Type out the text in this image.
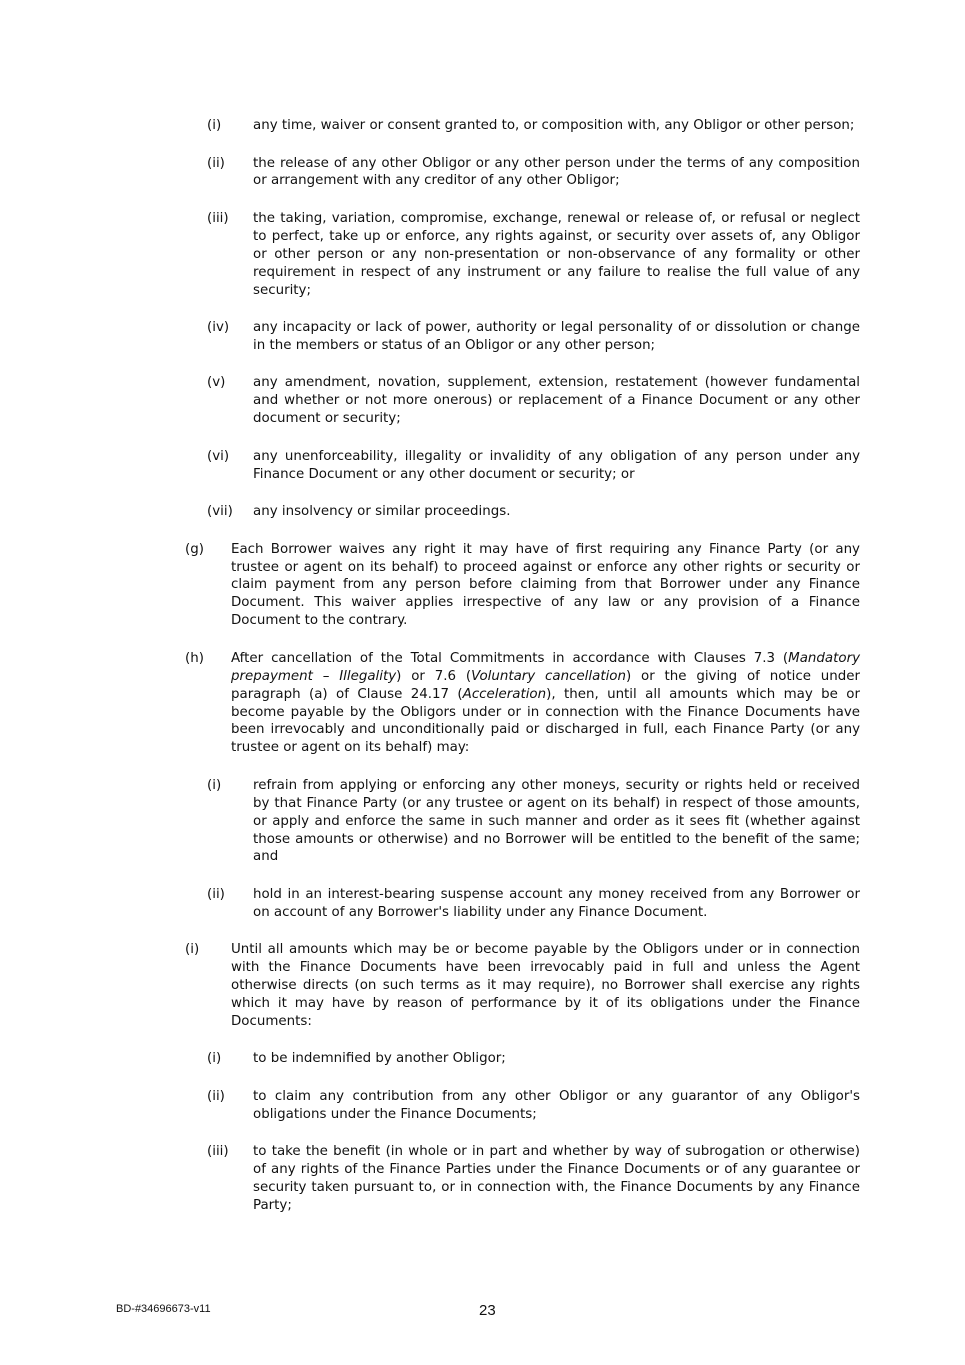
(i) any time, waiver or consent granted to, or composition with, any Obligor or other person;
(ii) the release of any other Obligor or any other person under the terms of any composition or arrangement with any creditor of any other Obligor;
(iii) the taking, variation, compromise, exchange, renewal or release of, or refusal or neglect to perfect, take up or enforce, any rights against, or security over assets of, any Obligor or other person or any non-presentation or non-observance of any formality or other requirement in respect of any instrument or any failure to realise the full value of any security;
(iv) any incapacity or lack of power, authority or legal personality of or dissolution or change in the members or status of an Obligor or any other person;
(v) any amendment, novation, supplement, extension, restatement (however fundamental and whether or not more onerous) or replacement of a Finance Document or any other document or security;
(vi) any unenforceability, illegality or invalidity of any obligation of any person under any Finance Document or any other document or security; or
(vii) any insolvency or similar proceedings.
(g) Each Borrower waives any right it may have of first requiring any Finance Party (or any trustee or agent on its behalf) to proceed against or enforce any other rights or security or claim payment from any person before claiming from that Borrower under any Finance Document. This waiver applies irrespective of any law or any provision of a Finance Document to the contrary.
(h) After cancellation of the Total Commitments in accordance with Clauses 7.3 (Mandatory prepayment – Illegality) or 7.6 (Voluntary cancellation) or the giving of notice under paragraph (a) of Clause 24.17 (Acceleration), then, until all amounts which may be or become payable by the Obligors under or in connection with the Finance Documents have been irrevocably and unconditionally paid or discharged in full, each Finance Party (or any trustee or agent on its behalf) may:
(i) refrain from applying or enforcing any other moneys, security or rights held or received by that Finance Party (or any trustee or agent on its behalf) in respect of those amounts, or apply and enforce the same in such manner and order as it sees fit (whether against those amounts or otherwise) and no Borrower will be entitled to the benefit of the same; and
(ii) hold in an interest-bearing suspense account any money received from any Borrower or on account of any Borrower's liability under any Finance Document.
(i) Until all amounts which may be or become payable by the Obligors under or in connection with the Finance Documents have been irrevocably paid in full and unless the Agent otherwise directs (on such terms as it may require), no Borrower shall exercise any rights which it may have by reason of performance by it of its obligations under the Finance Documents:
(i) to be indemnified by another Obligor;
(ii) to claim any contribution from any other Obligor or any guarantor of any Obligor's obligations under the Finance Documents;
(iii) to take the benefit (in whole or in part and whether by way of subrogation or otherwise) of any rights of the Finance Parties under the Finance Documents or of any guarantee or security taken pursuant to, or in connection with, the Finance Documents by any Finance Party;
BD-#34696673-v11	23
